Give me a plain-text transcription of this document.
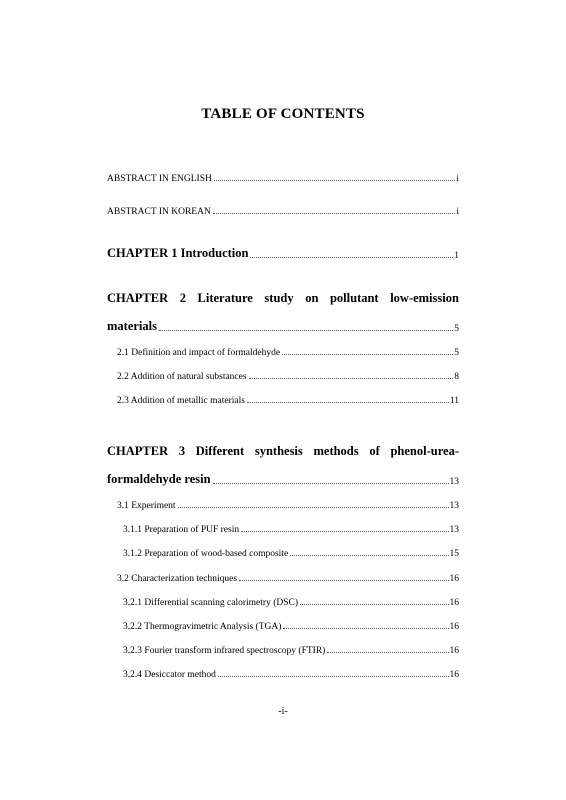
TABLE OF CONTENTS
ABSTRACT IN ENGLISH	i
ABSTRACT IN KOREAN	i
CHAPTER 1 Introduction	1
CHAPTER 2 Literature study on pollutant low-emission
materials	5
2.1 Definition and impact of formaldehyde	5
2.2 Addition of natural substances	8
2.3 Addition of metallic materials	11
CHAPTER 3 Different synthesis methods of phenol-urea-
formaldehyde resin	13
3.1 Experiment	13
3.1.1 Preparation of PUF resin	13
3.1.2 Preparation of wood-based composite	15
3.2 Characterization techniques	16
3.2.1 Differential scanning calorimetry (DSC)	16
3.2.2 Thermogravimetric Analysis (TGA)	16
3.2.3 Fourier transform infrared spectroscopy (FTIR)	16
3.2.4 Desiccator method	16
-i-
